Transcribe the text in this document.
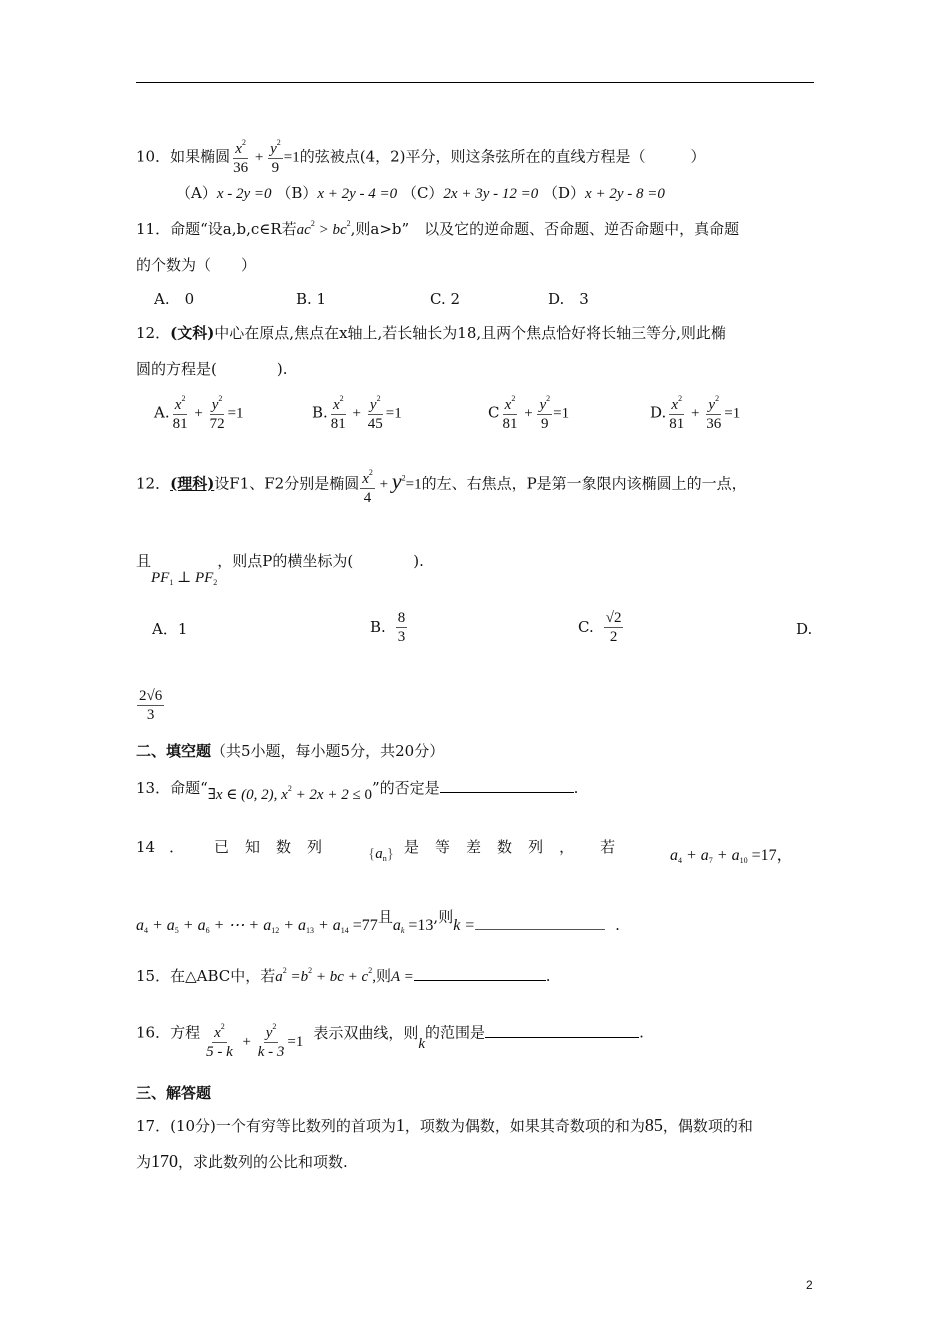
10．如果椭圆 $\frac{x^2}{36} + \frac{y^2}{9} =1$的弦被点(4，2)平分，则这条弦所在的直线方程是（　　　）
（A）x - 2y =0 （B）x + 2y - 4 =0 （C）2x + 3y - 12 =0 （D）x + 2y - 8 =0
11．命题“设a,b,c∈R若$ac^2 > bc^2$,则a>b”　以及它的逆命题、否命题、逆否命题中，真命题
的个数为（　　）
A.　0	B. 1	C. 2	D.　3
12．(文科)中心在原点,焦点在x轴上,若长轴长为18,且两个焦点恰好将长轴三等分,则此椭
圆的方程是(　　　　).
A. $\frac{x^2}{81} + \frac{y^2}{72} =1$	B. $\frac{x^2}{81} + \frac{y^2}{45} =1$	C $\frac{x^2}{81} + \frac{y^2}{9} =1$	D. $\frac{x^2}{81} + \frac{y^2}{36} =1$
12．(理科)设F1、F2分别是椭圆 $\frac{x^2}{4} + y^2=1$的左、右焦点，P是第一象限内该椭圆上的一点，
且$PF_1$ ⊥ $PF_2$，则点P的横坐标为(　　　　).
A．1	B. $\frac{8}{3}$	C. $\frac{√2}{2}$	D.
$\frac{2√6}{3}$
二、填空题（共5小题，每小题5分，共20分）
13．命题“∃x ∈ (0, 2), $x^2 + 2x + 2 \le 0$”的否定是	.
14 ． 已 知 数 列	$\{a_n\}$ 是 等 差 数 列 ， 若	$a_4 + a_7 + a_{10} =17$，
$a_4 + a_5 + a_6$ + ⋯ + $a_{12} + a_{13} + a_{14} =77$且$a_k =13$,则k =	.
15．在△ABC中，若$a^2 =b^2$ + bc + $c^2$,则A =	.
16．方程 $\frac{x^2}{5 - k} + \frac{y^2}{k - 3} =1$ 表示双曲线，则k的范围是	.
三、解答题
17．(10分)一个有穷等比数列的首项为1，项数为偶数，如果其奇数项的和为85，偶数项的和
为170，求此数列的公比和项数.
2
